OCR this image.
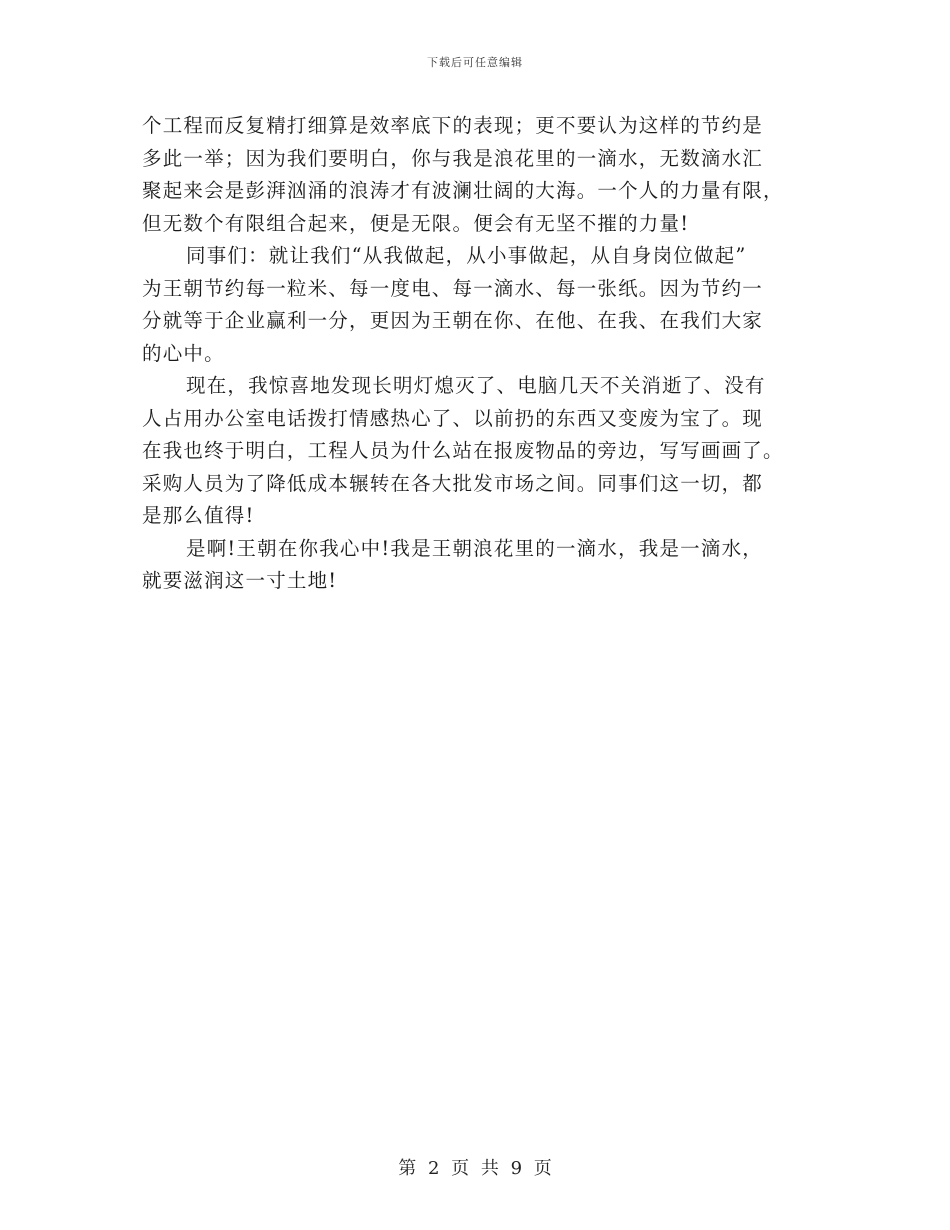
下载后可任意编辑
个工程而反复精打细算是效率底下的表现；更不要认为这样的节约是
多此一举；因为我们要明白，你与我是浪花里的一滴水，无数滴水汇
聚起来会是彭湃汹涌的浪涛才有波澜壮阔的大海。一个人的力量有限，
但无数个有限组合起来，便是无限。便会有无坚不摧的力量!
同事们：就让我们“从我做起，从小事做起，从自身岗位做起”
为王朝节约每一粒米、每一度电、每一滴水、每一张纸。因为节约一
分就等于企业赢利一分，更因为王朝在你、在他、在我、在我们大家
的心中。
现在，我惊喜地发现长明灯熄灭了、电脑几天不关消逝了、没有
人占用办公室电话拨打情感热心了、以前扔的东西又变废为宝了。现
在我也终于明白，工程人员为什么站在报废物品的旁边，写写画画了。
采购人员为了降低成本辗转在各大批发市场之间。同事们这一切，都
是那么值得!
是啊!王朝在你我心中!我是王朝浪花里的一滴水，我是一滴水，
就要滋润这一寸土地!
第 2 页 共 9 页
